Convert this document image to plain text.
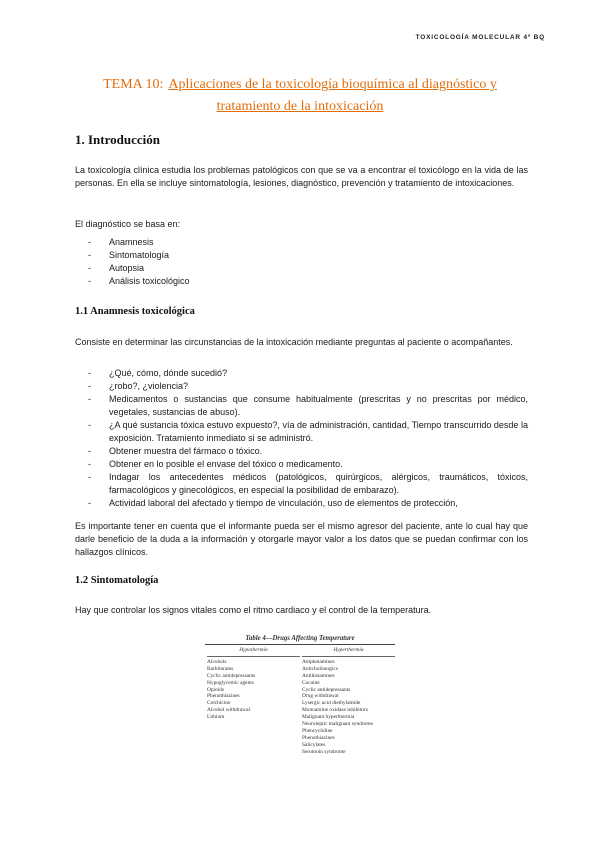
TOXICOLOGÍA MOLECULAR 4º BQ
TEMA 10: Aplicaciones de la toxicología bioquímica al diagnóstico y tratamiento de la intoxicación
1. Introducción

La toxicología clínica estudia los problemas patológicos con que se va a encontrar el toxicólogo en la vida de las personas. En ella se incluye sintomatología, lesiones, diagnóstico, prevención y tratamiento de intoxicaciones.

El diagnóstico se basa en:

- Anamnesis
- Sintomatología
- Autopsia
- Análisis toxicológico
1.1 Anamnesis toxicológica

Consiste en determinar las circunstancias de la intoxicación mediante preguntas al paciente o acompañantes.

- ¿Qué, cómo, dónde sucedió?
- ¿robo?, ¿violencia?
- Medicamentos o sustancias que consume habitualmente (prescritas y no prescritas por médico, vegetales, sustancias de abuso).
- ¿A qué sustancia tóxica estuvo expuesto?, vía de administración, cantidad, Tiempo transcurrido desde la exposición. Tratamiento inmediato si se administró.
- Obtener muestra del fármaco o tóxico.
- Obtener en lo posible el envase del tóxico o medicamento.
- Indagar los antecedentes médicos (patológicos, quirúrgicos, alérgicos, traumáticos, tóxicos, farmacológicos y ginecológicos, en especial la posibilidad de embarazo).
- Actividad laboral del afectado y tiempo de vinculación, uso de elementos de protección,

Es importante tener en cuenta que el informante pueda ser el mismo agresor del paciente, ante lo cual hay que darle beneficio de la duda a la información y otorgarle mayor valor a los datos que se puedan confirmar con los hallazgos clínicos.

1.2 Sintomatología

Hay que controlar los signos vitales como el ritmo cardiaco y el control de la temperatura.

Table 4—Drugs Affecting Temperature
Hypothermia
Alcohols
Barbiturates
Cyclic antidepressants
Hypoglycemic agents
Opioids
Phenothiazines
Colchicine
Alcohol withdrawal
Lithium
Hyperthermia
Amphetamines
Anticholinergics
Antihistamines
Cocaine
Cyclic antidepressants
Drug withdrawal
Lysergic acid diethylamide
Monoamine oxidase inhibitors
Malignant hyperthermia
Neuroleptic malignant syndrome
Phencyclidine
Phenothiazines
Salicylates
Serotonin syndrome
